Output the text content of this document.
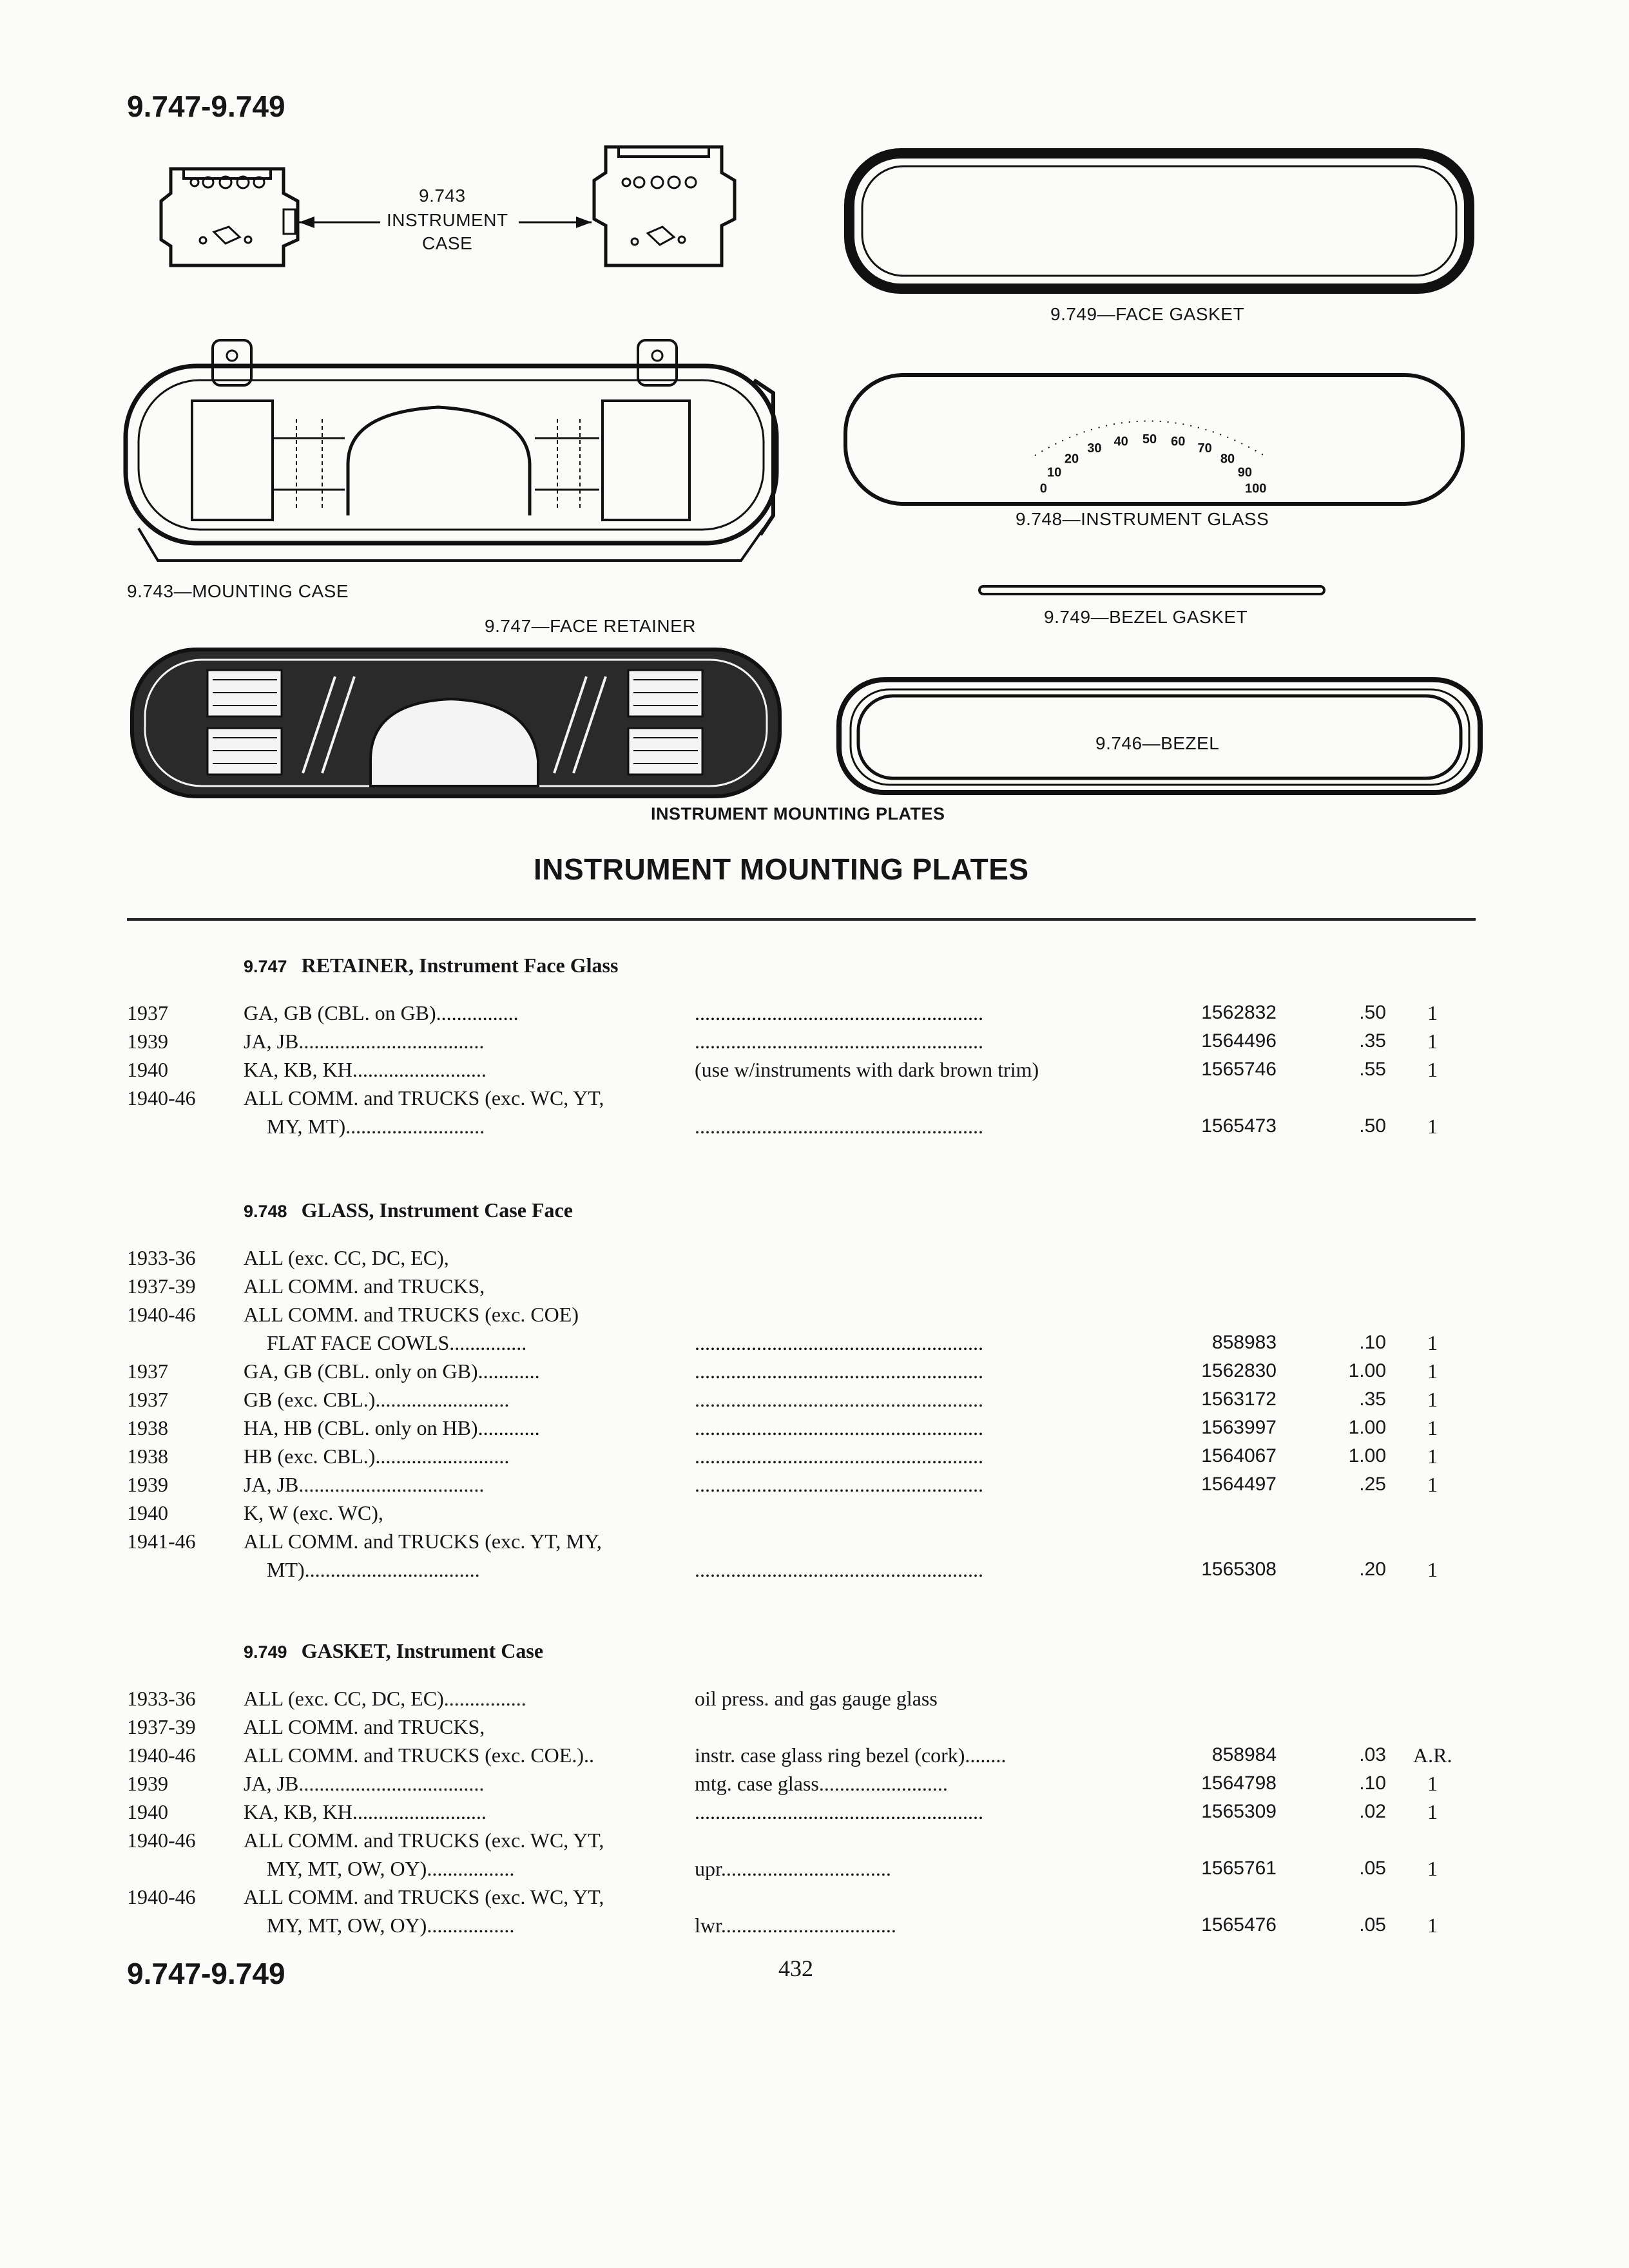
9.747-9.749
0
10
20
30 40 50 60 70
80
90
100
9.743
INSTRUMENT
CASE
9.749—FACE GASKET
9.748—INSTRUMENT GLASS
9.743—MOUNTING CASE
9.747—FACE RETAINER	9.749—BEZEL GASKET
9.746—BEZEL
INSTRUMENT MOUNTING PLATES
INSTRUMENT MOUNTING PLATES
9.747 RETAINER, Instrument Face Glass
1937	GA, GB (CBL. on GB)................	........................................................	1562832	.50	1
1939	JA, JB....................................	........................................................	1564496	.35	1
1940	KA, KB, KH..........................	(use w/instruments with dark brown trim)	1565746	.55	1
1940-46 ALL COMM. and TRUCKS (exc. WC, YT,
MY, MT)...........................	........................................................	1565473	.50	1
9.748 GLASS, Instrument Case Face
1933-36 ALL (exc. CC, DC, EC),
1937-39 ALL COMM. and TRUCKS,
1940-46 ALL COMM. and TRUCKS (exc. COE)
FLAT FACE COWLS...............	........................................................	858983	.10	1
1937	GA, GB (CBL. only on GB)............	........................................................	1562830	1.00	1
1937	GB (exc. CBL.)..........................	........................................................	1563172	.35	1
1938	HA, HB (CBL. only on HB)............	........................................................	1563997	1.00	1
1938	HB (exc. CBL.)..........................	........................................................	1564067	1.00	1
1939	JA, JB....................................	........................................................	1564497	.25	1
1940	K, W (exc. WC),
1941-46 ALL COMM. and TRUCKS (exc. YT, MY,
MT)..................................	........................................................	1565308	.20	1
9.749 GASKET, Instrument Case
1933-36 ALL (exc. CC, DC, EC)................	oil press. and gas gauge glass
1937-39 ALL COMM. and TRUCKS,
1940-46 ALL COMM. and TRUCKS (exc. COE.)..	instr. case glass ring bezel (cork)........	858984	.03 A.R.
1939	JA, JB....................................	mtg. case glass.........................	1564798	.10	1
1940	KA, KB, KH..........................	........................................................	1565309	.02	1
1940-46 ALL COMM. and TRUCKS (exc. WC, YT,
MY, MT, OW, OY).................	upr.................................	1565761	.05	1
1940-46 ALL COMM. and TRUCKS (exc. WC, YT,
MY, MT, OW, OY).................	lwr..................................	1565476	.05	1
9.747-9.749	432
